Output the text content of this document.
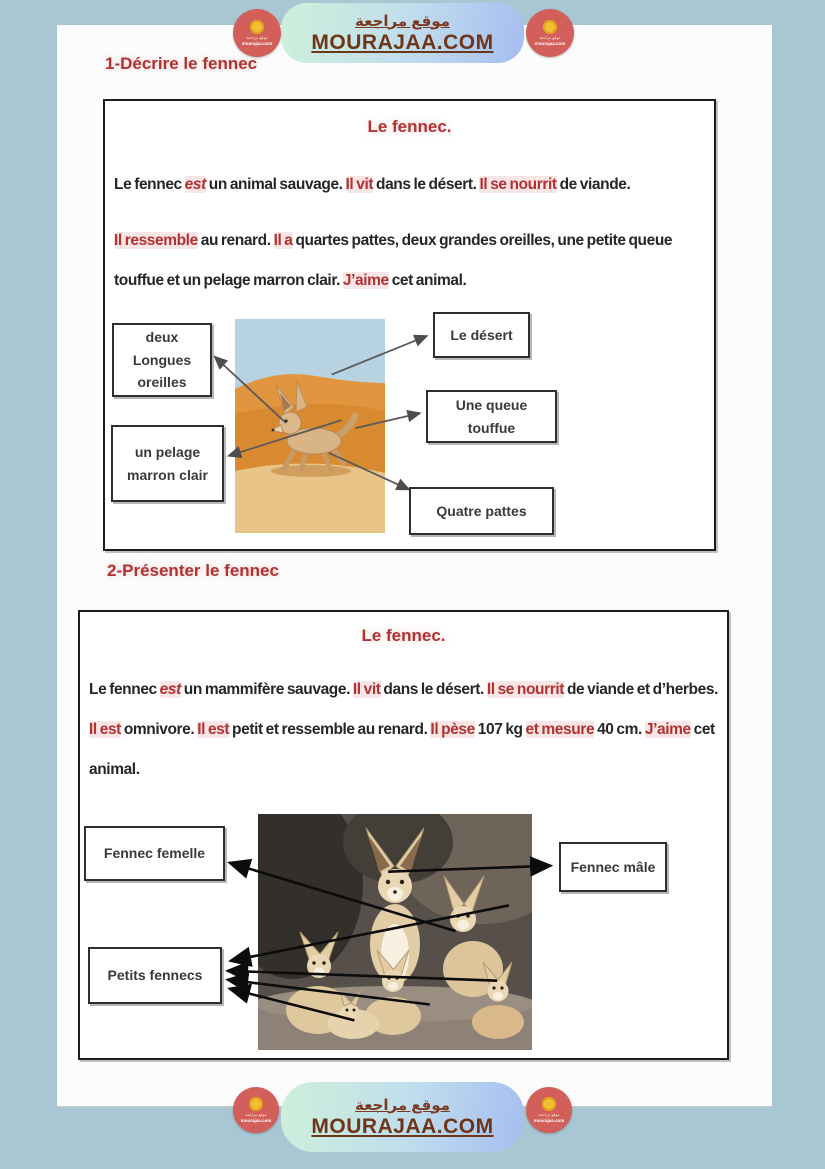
موقع مراجعة
MOURAJAA.COM
موقع مراجعة
mourajaa.com
موقع مراجعة
mourajaa.com
1-Décrire le fennec
Le fennec.
Le fennec est un animal sauvage. Il vit dans le désert. Il se nourrit de viande.
Il ressemble au renard. Il a quartes pattes, deux grandes oreilles, une petite queue touffue et un pelage marron clair. J’aime cet animal.
deux Longues oreilles
Le désert
Une queue touffue
un pelage marron clair
Quatre pattes
2-Présenter le fennec
Le fennec.
Le fennec est un mammifère sauvage. Il vit dans le désert. Il se nourrit de viande et d’herbes. Il est omnivore. Il est petit et ressemble au renard. Il pèse 107 kg et mesure 40 cm. J’aime cet animal.
Fennec femelle
Fennec mâle
Petits fennecs
موقع مراجعة
MOURAJAA.COM
موقع مراجعة
mourajaa.com
موقع مراجعة
mourajaa.com
